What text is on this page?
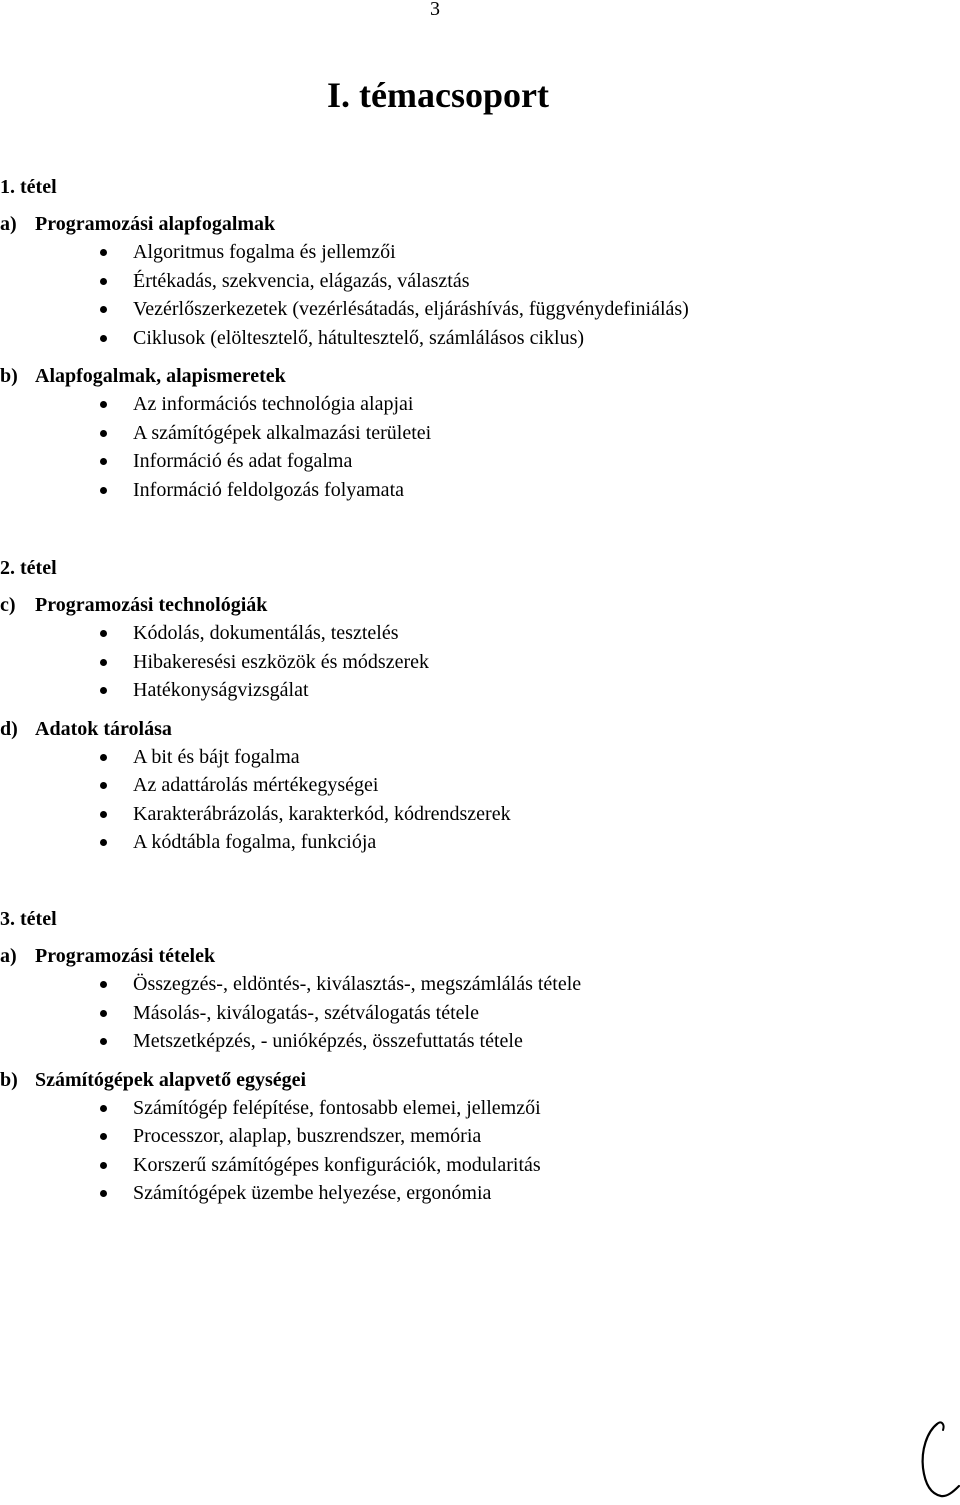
3
I. témacsoport
1. tétel
a) Programozási alapfogalmak
Algoritmus fogalma és jellemzői
Értékadás, szekvencia, elágazás, választás
Vezérlőszerkezetek (vezérlésátadás, eljáráshívás, függvénydefiniálás)
Ciklusok (elöltesztelő, hátultesztelő, számlálásos ciklus)
b) Alapfogalmak, alapismeretek
Az információs technológia alapjai
A számítógépek alkalmazási területei
Információ és adat fogalma
Információ feldolgozás folyamata
2. tétel
c) Programozási technológiák
Kódolás, dokumentálás, tesztelés
Hibakeresési eszközök és módszerek
Hatékonyságvizsgálat
d) Adatok tárolása
A bit és bájt fogalma
Az adattárolás mértékegységei
Karakterábrázolás, karakterkód, kódrendszerek
A kódtábla fogalma, funkciója
3. tétel
a) Programozási tételek
Összegzés-, eldöntés-, kiválasztás-, megszámlálás tétele
Másolás-, kiválogatás-, szétválogatás tétele
Metszetképzés, - unióképzés, összefuttatás tétele
b) Számítógépek alapvető egységei
Számítógép felépítése, fontosabb elemei, jellemzői
Processzor, alaplap, buszrendszer, memória
Korszerű számítógépes konfigurációk, modularitás
Számítógépek üzembe helyezése, ergonómia
